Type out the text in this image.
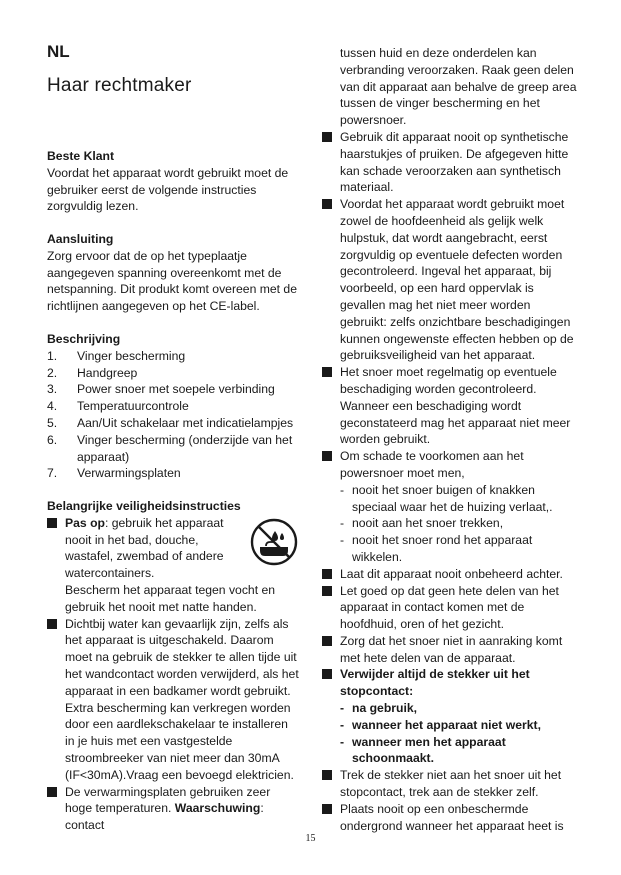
NL
Haar rechtmaker

Beste Klant

Voordat het apparaat wordt gebruikt moet de gebruiker eerst de volgende instructies zorgvuldig lezen.

Aansluiting

Zorg ervoor dat de op het typeplaatje aangegeven spanning overeenkomt met de netspanning. Dit produkt komt overeen met de richtlijnen aangegeven op het CE-label.

Beschrijving

1. Vinger bescherming
2. Handgreep
3. Power snoer met soepele verbinding
4. Temperatuurcontrole
5. Aan/Uit schakelaar met indicatielampjes
6. Vinger bescherming (onderzijde van het apparaat)
7. Verwarmingsplaten

Belangrijke veiligheidsinstructies

Pas op: gebruik het apparaat nooit in het bad, douche, wastafel, zwembad of andere watercontainers.
Bescherm het apparaat tegen vocht en gebruik het nooit met natte handen.
Dichtbij water kan gevaarlijk zijn, zelfs als het apparaat is uitgeschakeld. Daarom moet na gebruik de stekker te allen tijde uit het wandcontact worden verwijderd, als het apparaat in een badkamer wordt gebruikt. Extra bescherming kan verkregen worden door een aardlekschakelaar te installeren in je huis met een vastgestelde stroombreeker van niet meer dan 30mA (IF<30mA).Vraag een bevoegd elektricien.
De verwarmingsplaten gebruiken zeer hoge temperaturen. Waarschuwing: contact

tussen huid en deze onderdelen kan verbranding veroorzaken. Raak geen delen van dit apparaat aan behalve de greep area tussen de vinger bescherming en het powersnoer.

Gebruik dit apparaat nooit op synthetische haarstukjes of pruiken. De afgegeven hitte kan schade veroorzaken aan synthetisch materiaal.
Voordat het apparaat wordt gebruikt moet zowel de hoofdeenheid als gelijk welk hulpstuk, dat wordt aangebracht, eerst zorgvuldig op eventuele defecten worden gecontroleerd. Ingeval het apparaat, bij voorbeeld, op een hard oppervlak is gevallen mag het niet meer worden gebruikt: zelfs onzichtbare beschadigingen kunnen ongewenste effecten hebben op de gebruiksveiligheid van het apparaat.
Het snoer moet regelmatig op eventuele beschadiging worden gecontroleerd. Wanneer een beschadiging wordt geconstateerd mag het apparaat niet meer worden gebruikt.
Om schade te voorkomen aan het powersnoer moet men,
- nooit het snoer buigen of knakken speciaal waar het de huizing verlaat,.
- nooit aan het snoer trekken,
- nooit het snoer rond het apparaat wikkelen.
Laat dit apparaat nooit onbeheerd achter.
Let goed op dat geen hete delen van het apparaat in contact komen met de hoofdhuid, oren of het gezicht.
Zorg dat het snoer niet in aanraking komt met hete delen van de apparaat.
Verwijder altijd de stekker uit het stopcontact:
- na gebruik,
- wanneer het apparaat niet werkt,
- wanneer men het apparaat schoonmaakt.
Trek de stekker niet aan het snoer uit het stopcontact, trek aan de stekker zelf.
Plaats nooit op een onbeschermde ondergrond wanneer het apparaat heet is
15
